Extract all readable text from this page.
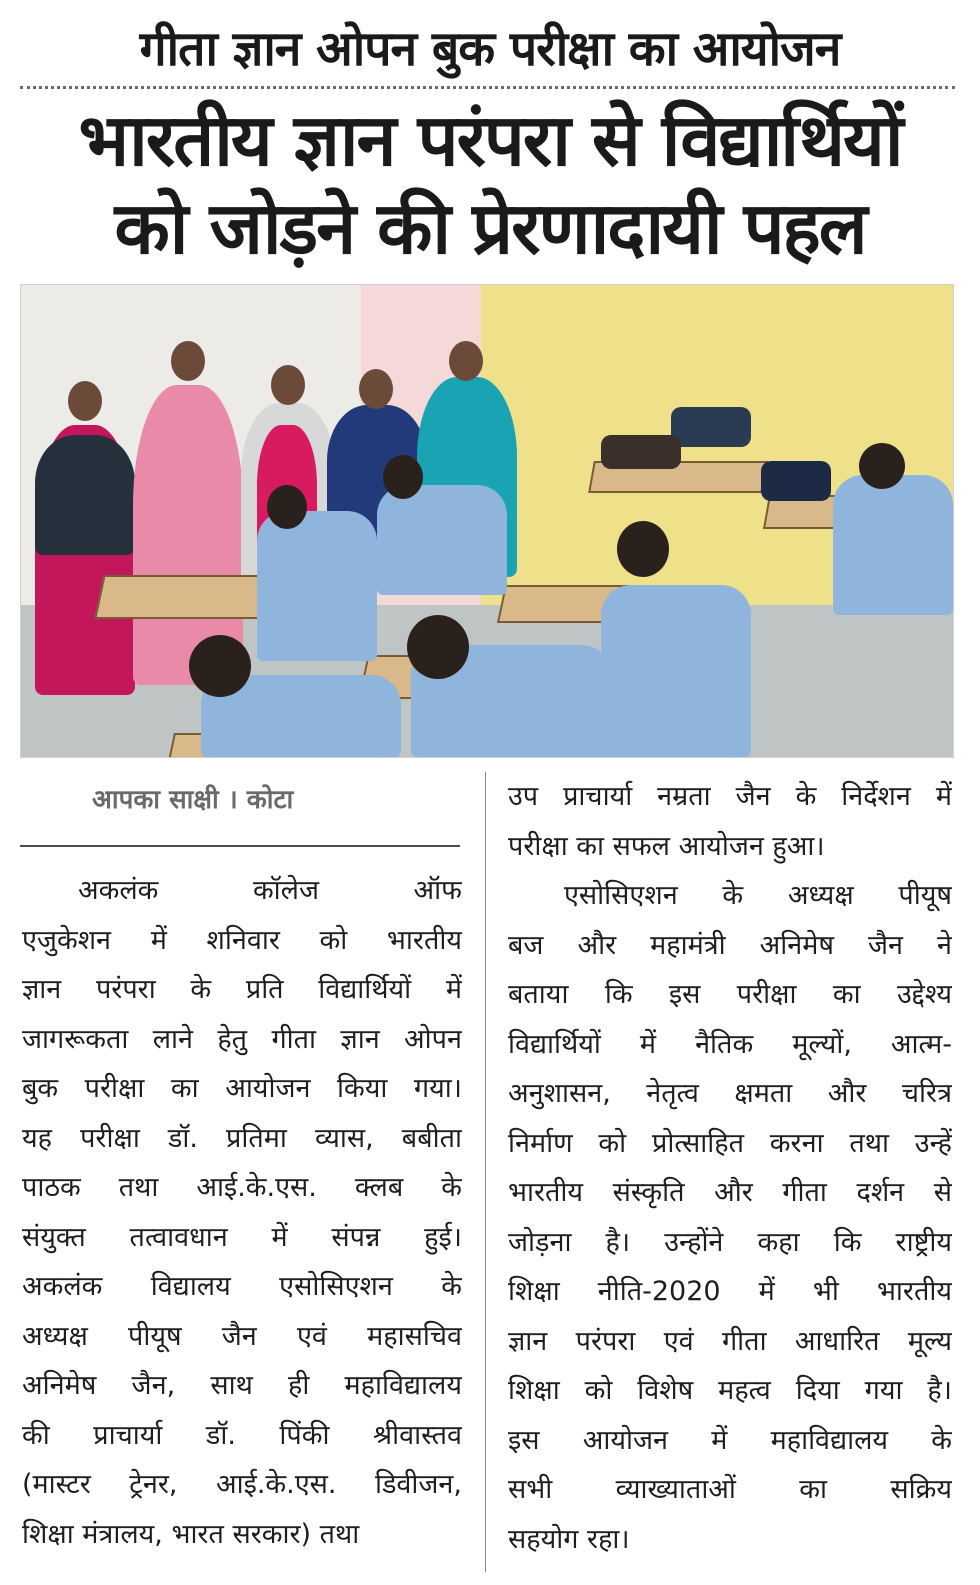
गीता ज्ञान ओपन बुक परीक्षा का आयोजन
भारतीय ज्ञान परंपरा से विद्यार्थियों
को जोड़ने की प्रेरणादायी पहल
आपका साक्षी । कोटा
अकलंक कॉलेज ऑफ
एजुकेशन में शनिवार को भारतीय
ज्ञान परंपरा के प्रति विद्यार्थियों में
जागरूकता लाने हेतु गीता ज्ञान ओपन
बुक परीक्षा का आयोजन किया गया।
यह परीक्षा डॉ. प्रतिमा व्यास, बबीता
पाठक तथा आई.के.एस. क्लब के
संयुक्त तत्वावधान में संपन्न हुई।
अकलंक विद्यालय एसोसिएशन के
अध्यक्ष पीयूष जैन एवं महासचिव
अनिमेष जैन, साथ ही महाविद्यालय
की प्राचार्या डॉ. पिंकी श्रीवास्तव
(मास्टर ट्रेनर, आई.के.एस. डिवीजन,
शिक्षा मंत्रालय, भारत सरकार) तथा
उप प्राचार्या नम्रता जैन के निर्देशन में
परीक्षा का सफल आयोजन हुआ।
एसोसिएशन के अध्यक्ष पीयूष
बज और महामंत्री अनिमेष जैन ने
बताया कि इस परीक्षा का उद्देश्य
विद्यार्थियों में नैतिक मूल्यों, आत्म-
अनुशासन, नेतृत्व क्षमता और चरित्र
निर्माण को प्रोत्साहित करना तथा उन्हें
भारतीय संस्कृति और गीता दर्शन से
जोड़ना है। उन्होंने कहा कि राष्ट्रीय
शिक्षा नीति-2020 में भी भारतीय
ज्ञान परंपरा एवं गीता आधारित मूल्य
शिक्षा को विशेष महत्व दिया गया है।
इस आयोजन में महाविद्यालय के
सभी व्याख्याताओं का सक्रिय
सहयोग रहा।
